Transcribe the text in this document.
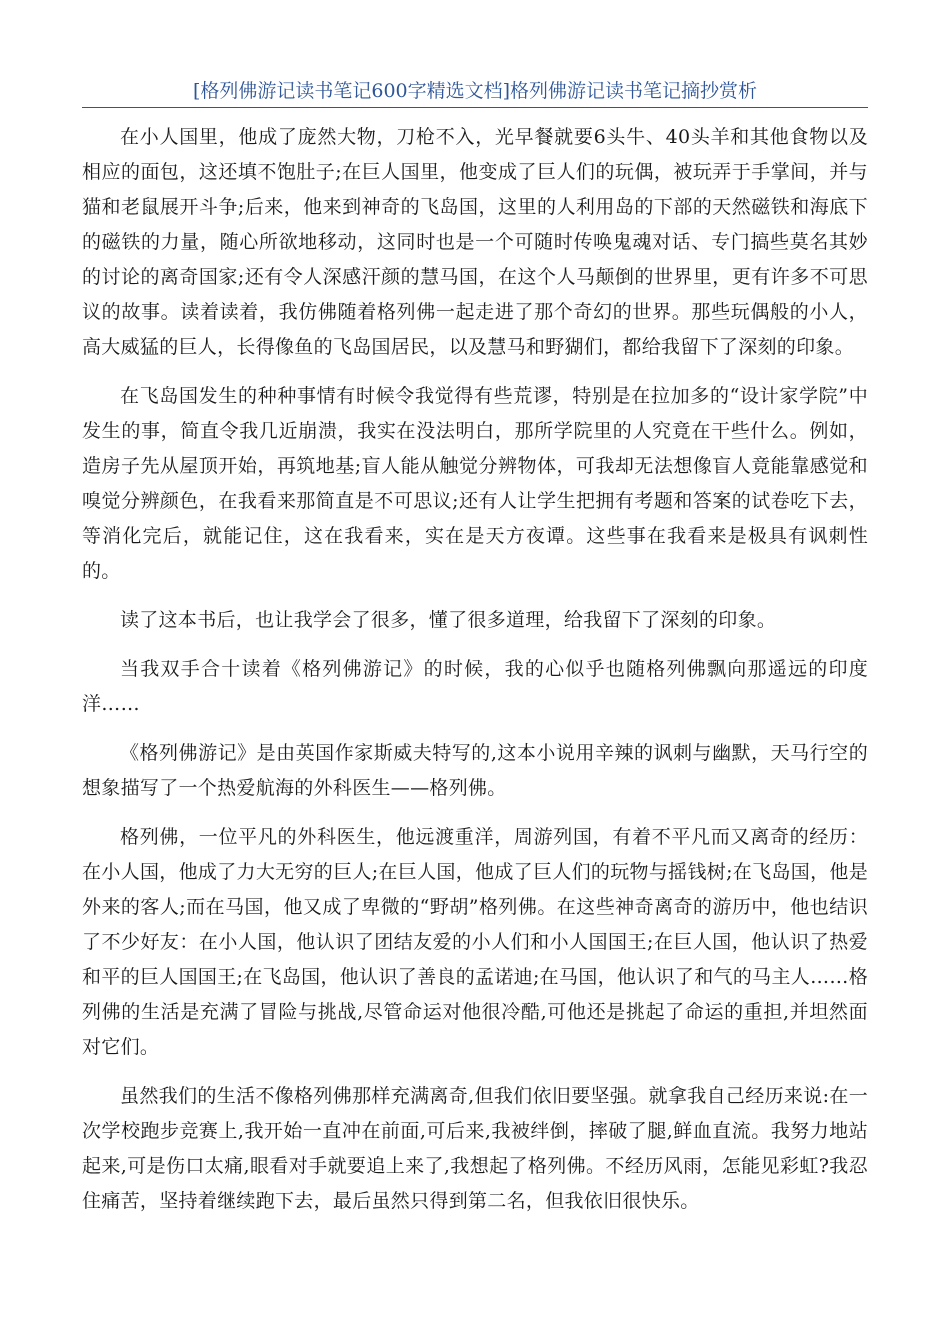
[格列佛游记读书笔记600字精选文档]格列佛游记读书笔记摘抄赏析

在小人国里，他成了庞然大物，刀枪不入，光早餐就要6头牛、40头羊和其他食物以及相应的面包，这还填不饱肚子;在巨人国里，他变成了巨人们的玩偶，被玩弄于手掌间，并与猫和老鼠展开斗争;后来，他来到神奇的飞岛国，这里的人利用岛的下部的天然磁铁和海底下的磁铁的力量，随心所欲地移动，这同时也是一个可随时传唤鬼魂对话、专门搞些莫名其妙的讨论的离奇国家;还有令人深感汗颜的慧马国，在这个人马颠倒的世界里，更有许多不可思议的故事。读着读着，我仿佛随着格列佛一起走进了那个奇幻的世界。那些玩偶般的小人，高大威猛的巨人，长得像鱼的飞岛国居民，以及慧马和野猢们，都给我留下了深刻的印象。

在飞岛国发生的种种事情有时候令我觉得有些荒谬，特别是在拉加多的“设计家学院”中发生的事，简直令我几近崩溃，我实在没法明白，那所学院里的人究竟在干些什么。例如，造房子先从屋顶开始，再筑地基;盲人能从触觉分辨物体，可我却无法想像盲人竟能靠感觉和嗅觉分辨颜色，在我看来那简直是不可思议;还有人让学生把拥有考题和答案的试卷吃下去，等消化完后，就能记住，这在我看来，实在是天方夜谭。这些事在我看来是极具有讽刺性的。

读了这本书后，也让我学会了很多，懂了很多道理，给我留下了深刻的印象。

当我双手合十读着《格列佛游记》的时候，我的心似乎也随格列佛飘向那遥远的印度洋……

《格列佛游记》是由英国作家斯威夫特写的,这本小说用辛辣的讽刺与幽默，天马行空的想象描写了一个热爱航海的外科医生——格列佛。

格列佛，一位平凡的外科医生，他远渡重洋，周游列国，有着不平凡而又离奇的经历：在小人国，他成了力大无穷的巨人;在巨人国，他成了巨人们的玩物与摇钱树;在飞岛国，他是外来的客人;而在马国，他又成了卑微的“野胡”格列佛。在这些神奇离奇的游历中，他也结识了不少好友：在小人国，他认识了团结友爱的小人们和小人国国王;在巨人国，他认识了热爱和平的巨人国国王;在飞岛国，他认识了善良的孟诺迪;在马国，他认识了和气的马主人……格列佛的生活是充满了冒险与挑战,尽管命运对他很冷酷,可他还是挑起了命运的重担,并坦然面对它们。

虽然我们的生活不像格列佛那样充满离奇,但我们依旧要坚强。就拿我自己经历来说:在一次学校跑步竞赛上,我开始一直冲在前面,可后来,我被绊倒，摔破了腿,鲜血直流。我努力地站起来,可是伤口太痛,眼看对手就要追上来了,我想起了格列佛。不经历风雨，怎能见彩虹?我忍住痛苦，坚持着继续跑下去，最后虽然只得到第二名，但我依旧很快乐。
